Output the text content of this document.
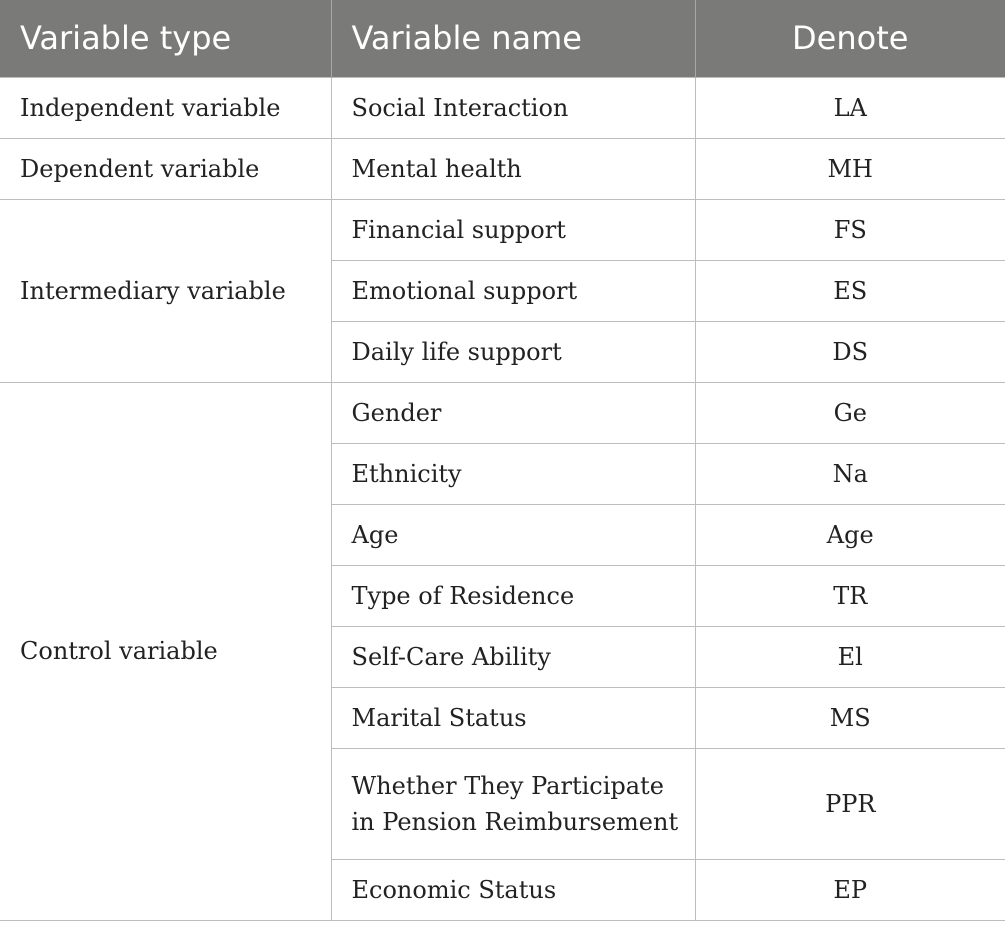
Variable type	Variable name	Denote
Independent variable	Social Interaction	LA
Dependent variable	Mental health	MH
Intermediary variable	Financial support	FS
	Emotional support	ES
	Daily life support	DS
Control variable	Gender	Ge
	Ethnicity	Na
	Age	Age
	Type of Residence	TR
	Self-Care Ability	El
	Marital Status	MS
	Whether They Participate in Pension Reimbursement	PPR
	Economic Status	EP
